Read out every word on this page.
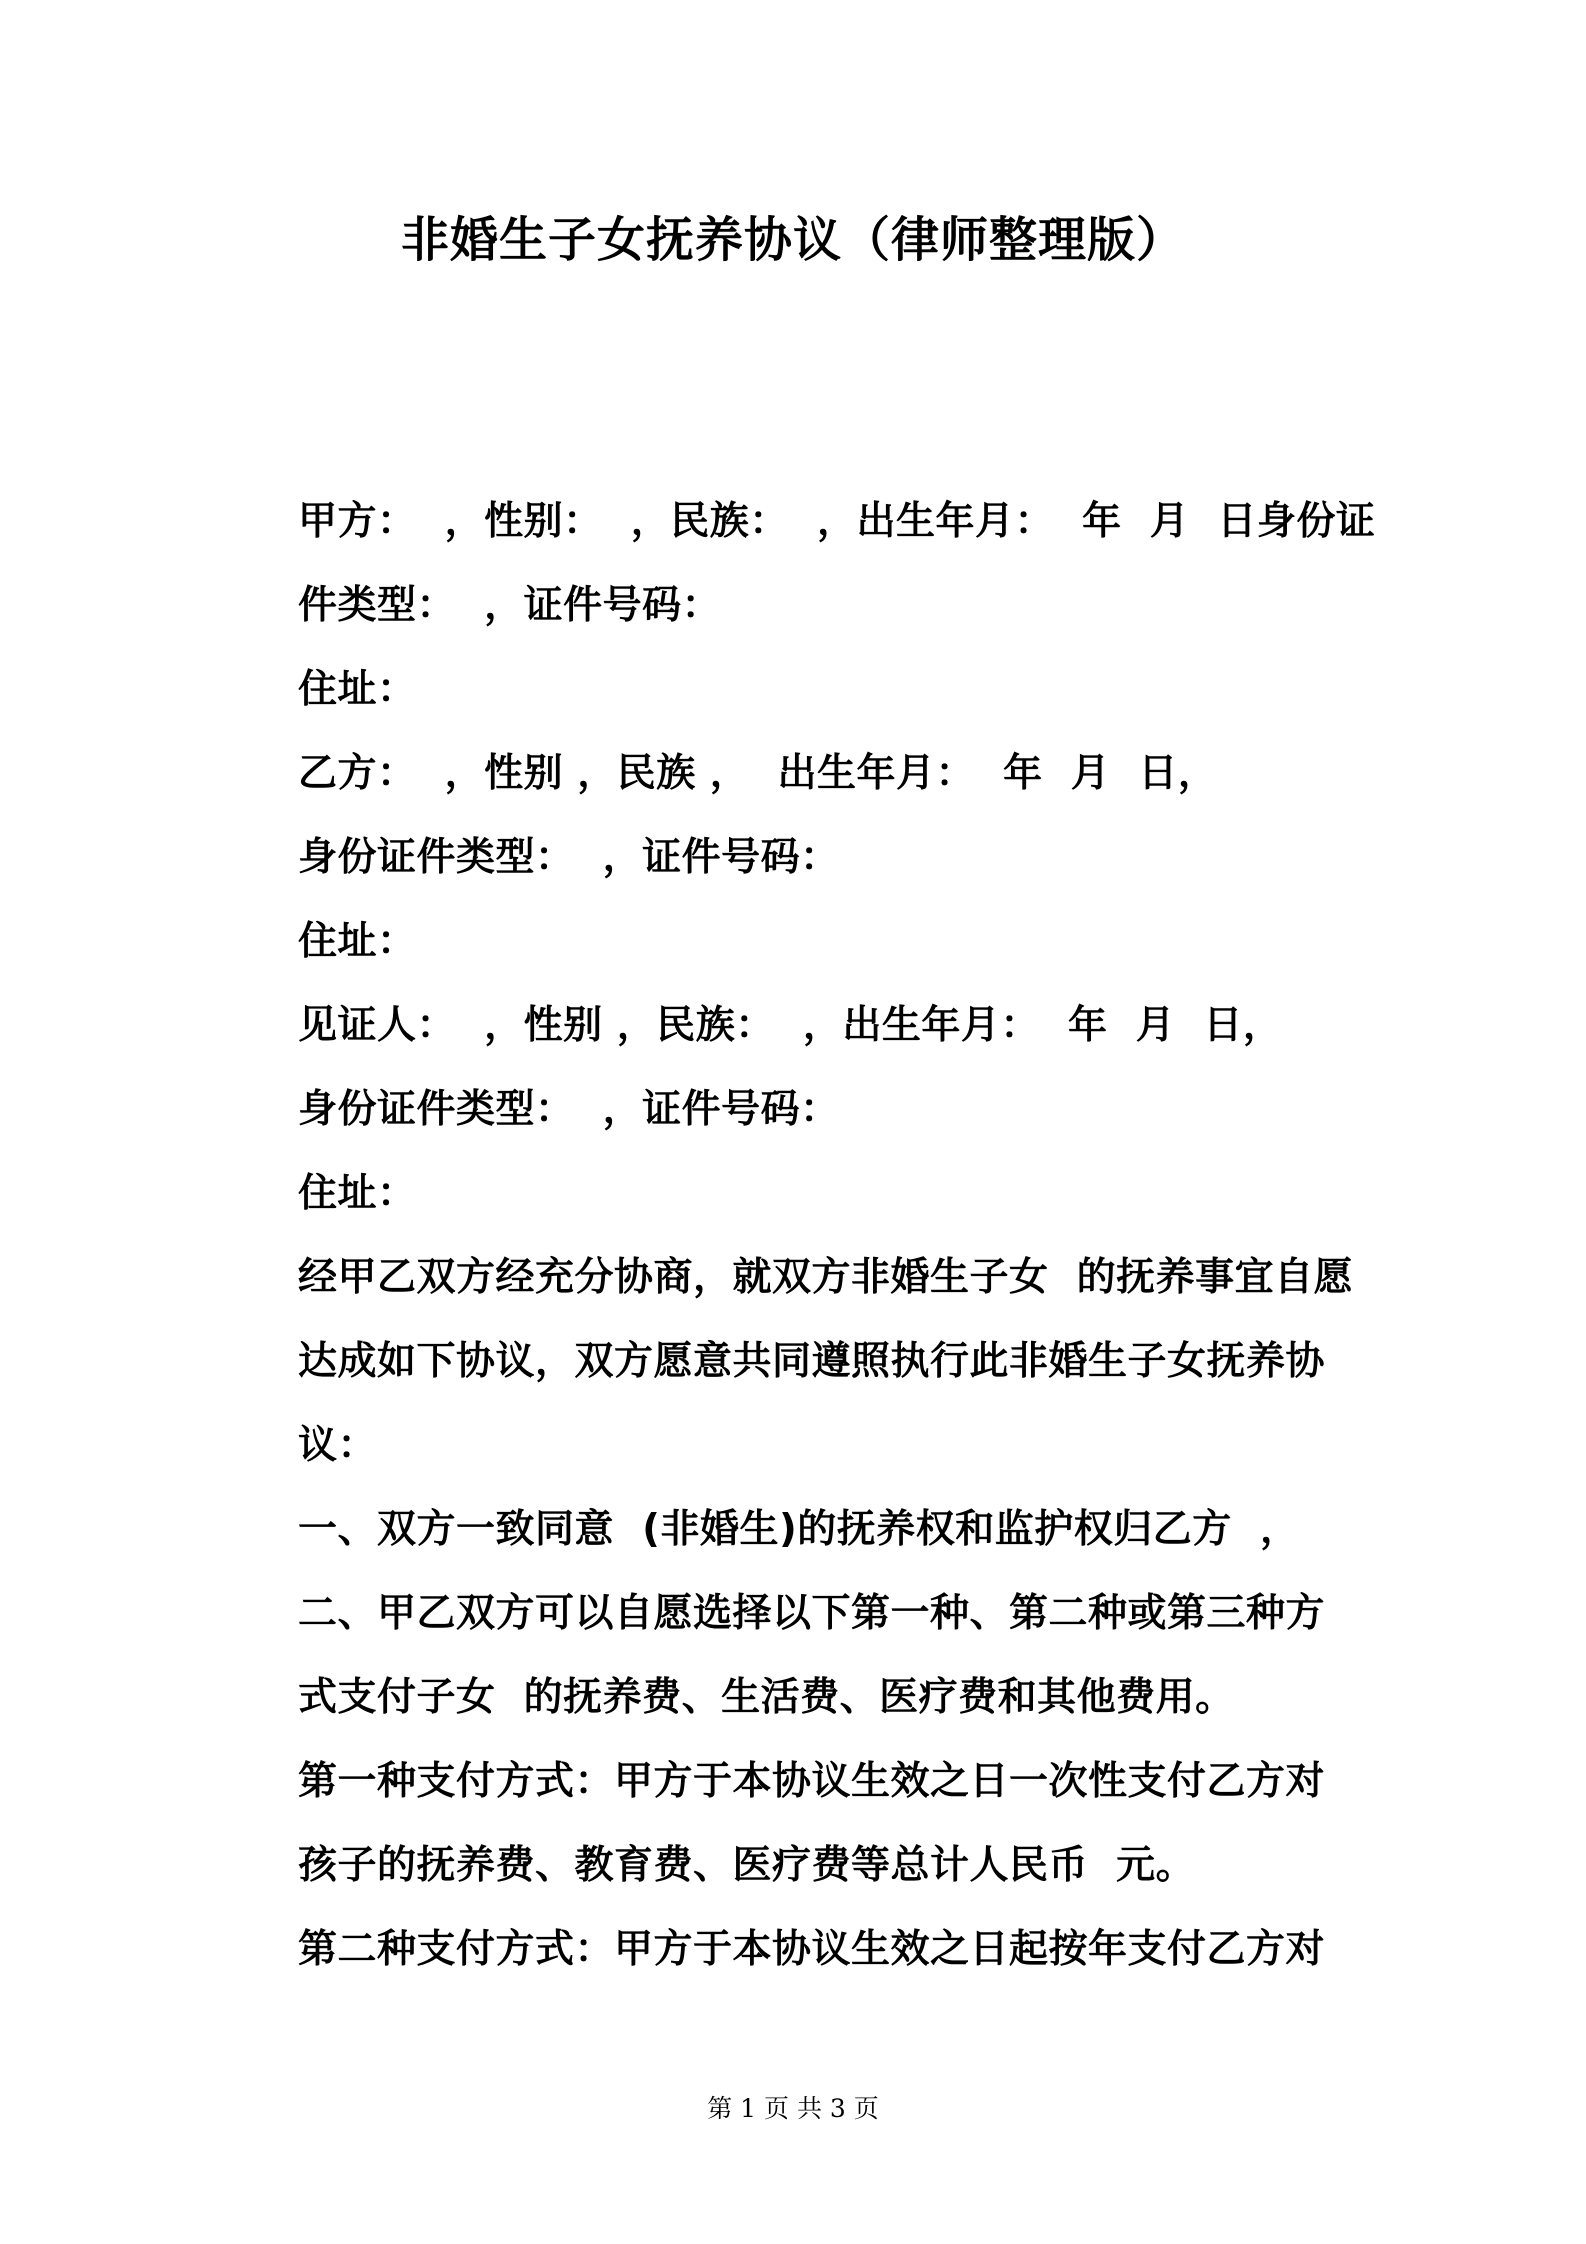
非婚生子女抚养协议（律师整理版）
甲方：  ，性别：  ，民族：  ，出生年月：  年  月  日身份证
件类型：  ，证件号码：
住址：
乙方：  ，性别 ，民族 ，  出生年月：  年  月  日，
身份证件类型：  ，证件号码：
住址：
见证人：  ，性别 ，民族：  ，出生年月：  年  月  日，
身份证件类型：  ，证件号码：
住址：
经甲乙双方经充分协商，就双方非婚生子女  的抚养事宜自愿
达成如下协议，双方愿意共同遵照执行此非婚生子女抚养协
议：
一、双方一致同意  (非婚生)的抚养权和监护权归乙方  ，
二、甲乙双方可以自愿选择以下第一种、第二种或第三种方
式支付子女  的抚养费、生活费、医疗费和其他费用。
第一种支付方式：甲方于本协议生效之日一次性支付乙方对
孩子的抚养费、教育费、医疗费等总计人民币  元。
第二种支付方式：甲方于本协议生效之日起按年支付乙方对
第 1 页 共 3 页
